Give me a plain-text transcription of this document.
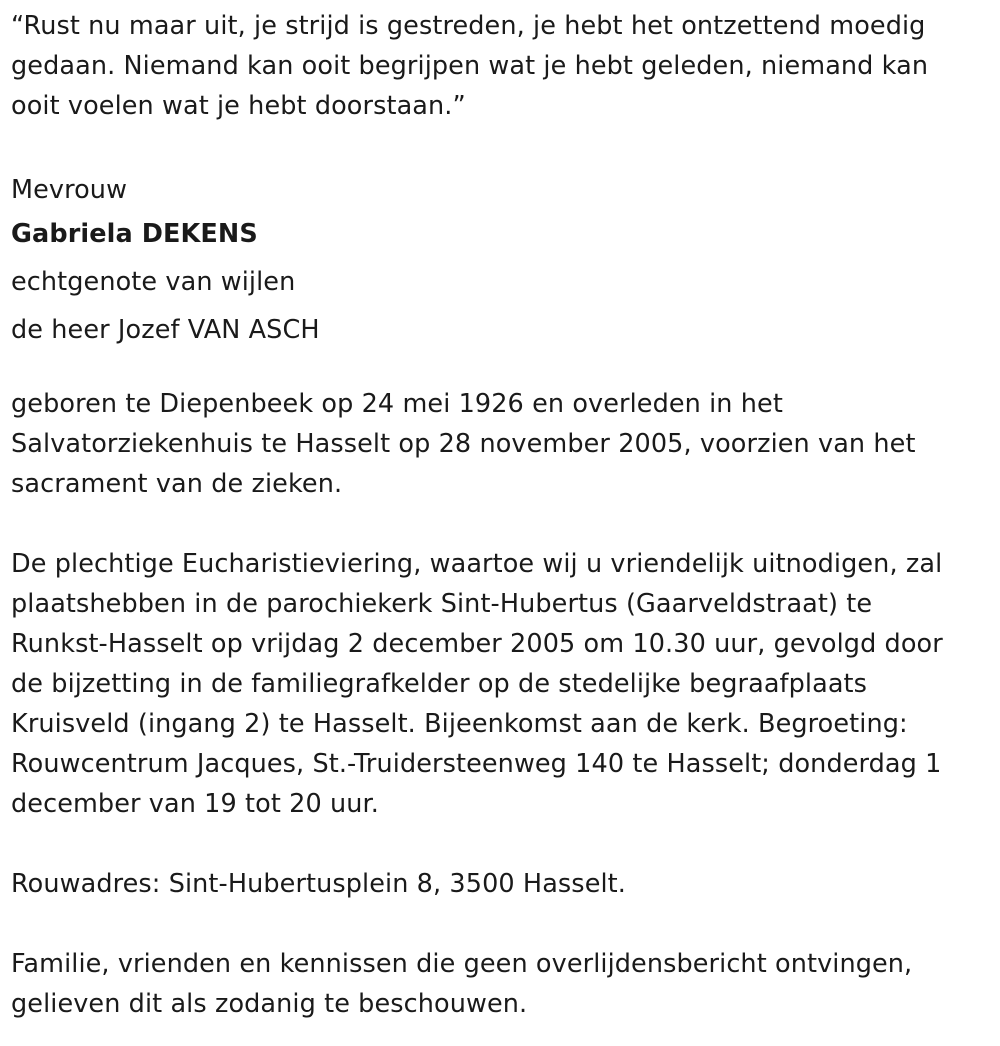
“Rust nu maar uit, je strijd is gestreden, je hebt het ontzettend moedig
gedaan. Niemand kan ooit begrijpen wat je hebt geleden, niemand kan
ooit voelen wat je hebt doorstaan.”
Mevrouw
Gabriela DEKENS
echtgenote van wijlen
de heer Jozef VAN ASCH
geboren te Diepenbeek op 24 mei 1926 en overleden in het
Salvatorziekenhuis te Hasselt op 28 november 2005, voorzien van het
sacrament van de zieken.
De plechtige Eucharistieviering, waartoe wij u vriendelijk uitnodigen, zal
plaatshebben in de parochiekerk Sint-Hubertus (Gaarveldstraat) te
Runkst-Hasselt op vrijdag 2 december 2005 om 10.30 uur, gevolgd door
de bijzetting in de familiegrafkelder op de stedelijke begraafplaats
Kruisveld (ingang 2) te Hasselt. Bijeenkomst aan de kerk. Begroeting:
Rouwcentrum Jacques, St.-Truidersteenweg 140 te Hasselt; donderdag 1
december van 19 tot 20 uur.
Rouwadres: Sint-Hubertusplein 8, 3500 Hasselt.
Familie, vrienden en kennissen die geen overlijdensbericht ontvingen,
gelieven dit als zodanig te beschouwen.
